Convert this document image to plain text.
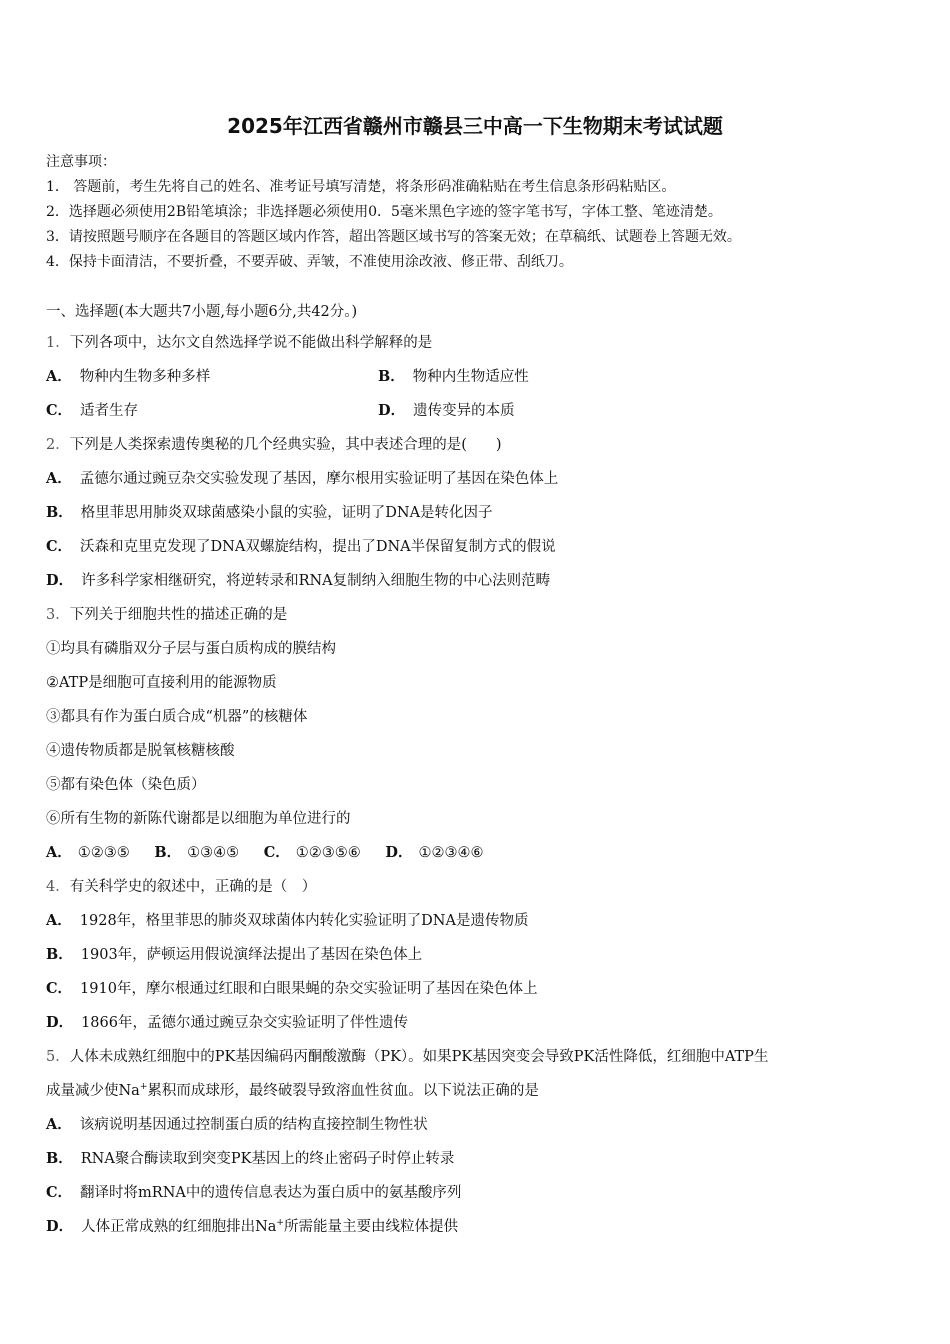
2025年江西省赣州市赣县三中高一下生物期末考试试题
注意事项：
1． 答题前，考生先将自己的姓名、准考证号填写清楚，将条形码准确粘贴在考生信息条形码粘贴区。
2．选择题必须使用2B铅笔填涂；非选择题必须使用0．5毫米黑色字迹的签字笔书写，字体工整、笔迹清楚。
3．请按照题号顺序在各题目的答题区域内作答，超出答题区域书写的答案无效；在草稿纸、试题卷上答题无效。
4．保持卡面清洁，不要折叠，不要弄破、弄皱，不准使用涂改液、修正带、刮纸刀。
一、选择题(本大题共7小题,每小题6分,共42分。)
1．下列各项中，达尔文自然选择学说不能做出科学解释的是
A． 物种内生物多种多样	B． 物种内生物适应性
C． 适者生存	D． 遗传变异的本质
2．下列是人类探索遗传奥秘的几个经典实验，其中表述合理的是(　　)
A． 孟德尔通过豌豆杂交实验发现了基因，摩尔根用实验证明了基因在染色体上
B． 格里菲思用肺炎双球菌感染小鼠的实验，证明了DNA是转化因子
C． 沃森和克里克发现了DNA双螺旋结构，提出了DNA半保留复制方式的假说
D． 许多科学家相继研究，将逆转录和RNA复制纳入细胞生物的中心法则范畴
3．下列关于细胞共性的描述正确的是
①均具有磷脂双分子层与蛋白质构成的膜结构
②ATP是细胞可直接利用的能源物质
③都具有作为蛋白质合成“机器”的核糖体
④遗传物质都是脱氧核糖核酸
⑤都有染色体（染色质）
⑥所有生物的新陈代谢都是以细胞为单位进行的
A． ①②③⑤ B． ①③④⑤ C． ①②③⑤⑥ D． ①②③④⑥
4．有关科学史的叙述中，正确的是（　）
A． 1928年，格里菲思的肺炎双球菌体内转化实验证明了DNA是遗传物质
B． 1903年，萨顿运用假说演绎法提出了基因在染色体上
C． 1910年，摩尔根通过红眼和白眼果蝇的杂交实验证明了基因在染色体上
D． 1866年，孟德尔通过豌豆杂交实验证明了伴性遗传
5．人体未成熟红细胞中的PK基因编码丙酮酸激酶（PK）。如果PK基因突变会导致PK活性降低，红细胞中ATP生
成量减少使Na+累积而成球形，最终破裂导致溶血性贫血。以下说法正确的是
A． 该病说明基因通过控制蛋白质的结构直接控制生物性状
B． RNA聚合酶读取到突变PK基因上的终止密码子时停止转录
C． 翻译时将mRNA中的遗传信息表达为蛋白质中的氨基酸序列
D． 人体正常成熟的红细胞排出Na+所需能量主要由线粒体提供
